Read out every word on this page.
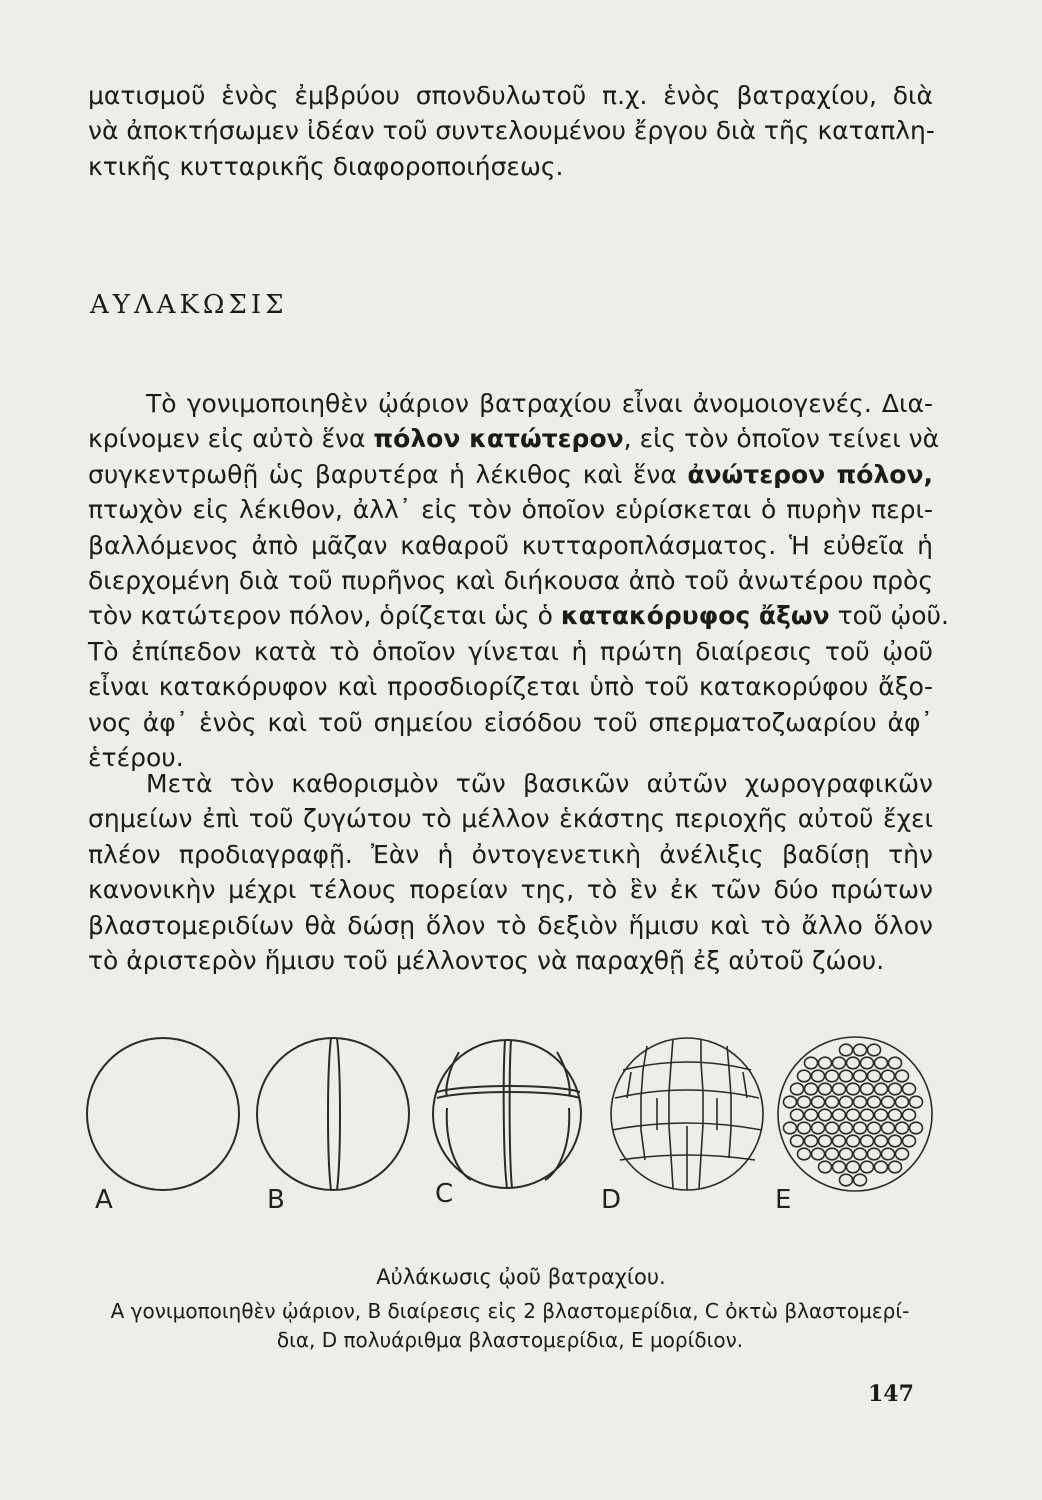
ματισμοῦ ἑνὸς ἐμβρύου σπονδυλωτοῦ π.χ. ἑνὸς βατραχίου, διὰ
νὰ ἀποκτήσωμεν ἰδέαν τοῦ συντελουμένου ἔργου διὰ τῆς καταπλη-
κτικῆς κυτταρικῆς διαφοροποιήσεως.
ΑΥΛΑΚΩΣΙΣ
Τὸ γονιμοποιηθὲν ᾠάριον βατραχίου εἶναι ἀνομοιογενές. Δια-
κρίνομεν εἰς αὐτὸ ἕνα πόλον κατώτερον, εἰς τὸν ὁποῖον τείνει νὰ
συγκεντρωθῇ ὡς βαρυτέρα ἡ λέκιθος καὶ ἕνα ἀνώτερον πόλον,
πτωχὸν εἰς λέκιθον, ἀλλ᾽ εἰς τὸν ὁποῖον εὑρίσκεται ὁ πυρὴν περι-
βαλλόμενος ἀπὸ μᾶζαν καθαροῦ κυτταροπλάσματος. Ἡ εὐθεῖα ἡ
διερχομένη διὰ τοῦ πυρῆνος καὶ διήκουσα ἀπὸ τοῦ ἀνωτέρου πρὸς
τὸν κατώτερον πόλον, ὁρίζεται ὡς ὁ κατακόρυφος ἄξων τοῦ ᾠοῦ.
Τὸ ἐπίπεδον κατὰ τὸ ὁποῖον γίνεται ἡ πρώτη διαίρεσις τοῦ ᾠοῦ
εἶναι κατακόρυφον καὶ προσδιορίζεται ὑπὸ τοῦ κατακορύφου ἄξο-
νος ἀφ᾽ ἑνὸς καὶ τοῦ σημείου εἰσόδου τοῦ σπερματοζωαρίου ἀφ᾽
ἑτέρου.
Μετὰ τὸν καθορισμὸν τῶν βασικῶν αὐτῶν χωρογραφικῶν
σημείων ἐπὶ τοῦ ζυγώτου τὸ μέλλον ἑκάστης περιοχῆς αὐτοῦ ἔχει
πλέον προδιαγραφῇ. Ἐὰν ἡ ὀντογενετικὴ ἀνέλιξις βαδίσῃ τὴν
κανονικὴν μέχρι τέλους πορείαν της, τὸ ἓν ἐκ τῶν δύο πρώτων
βλαστομεριδίων θὰ δώσῃ ὅλον τὸ δεξιὸν ἥμισυ καὶ τὸ ἄλλο ὅλον
τὸ ἀριστερὸν ἥμισυ τοῦ μέλλοντος νὰ παραχθῇ ἐξ αὐτοῦ ζώου.
A	B	C	D	E
Αὐλάκωσις ᾠοῦ βατραχίου.
A γονιμοποιηθὲν ᾠάριον, B διαίρεσις εἰς 2 βλαστομερίδια, C ὀκτὼ βλαστομερί-
δια, D πολυάριθμα βλαστομερίδια, E μορίδιον.
147
